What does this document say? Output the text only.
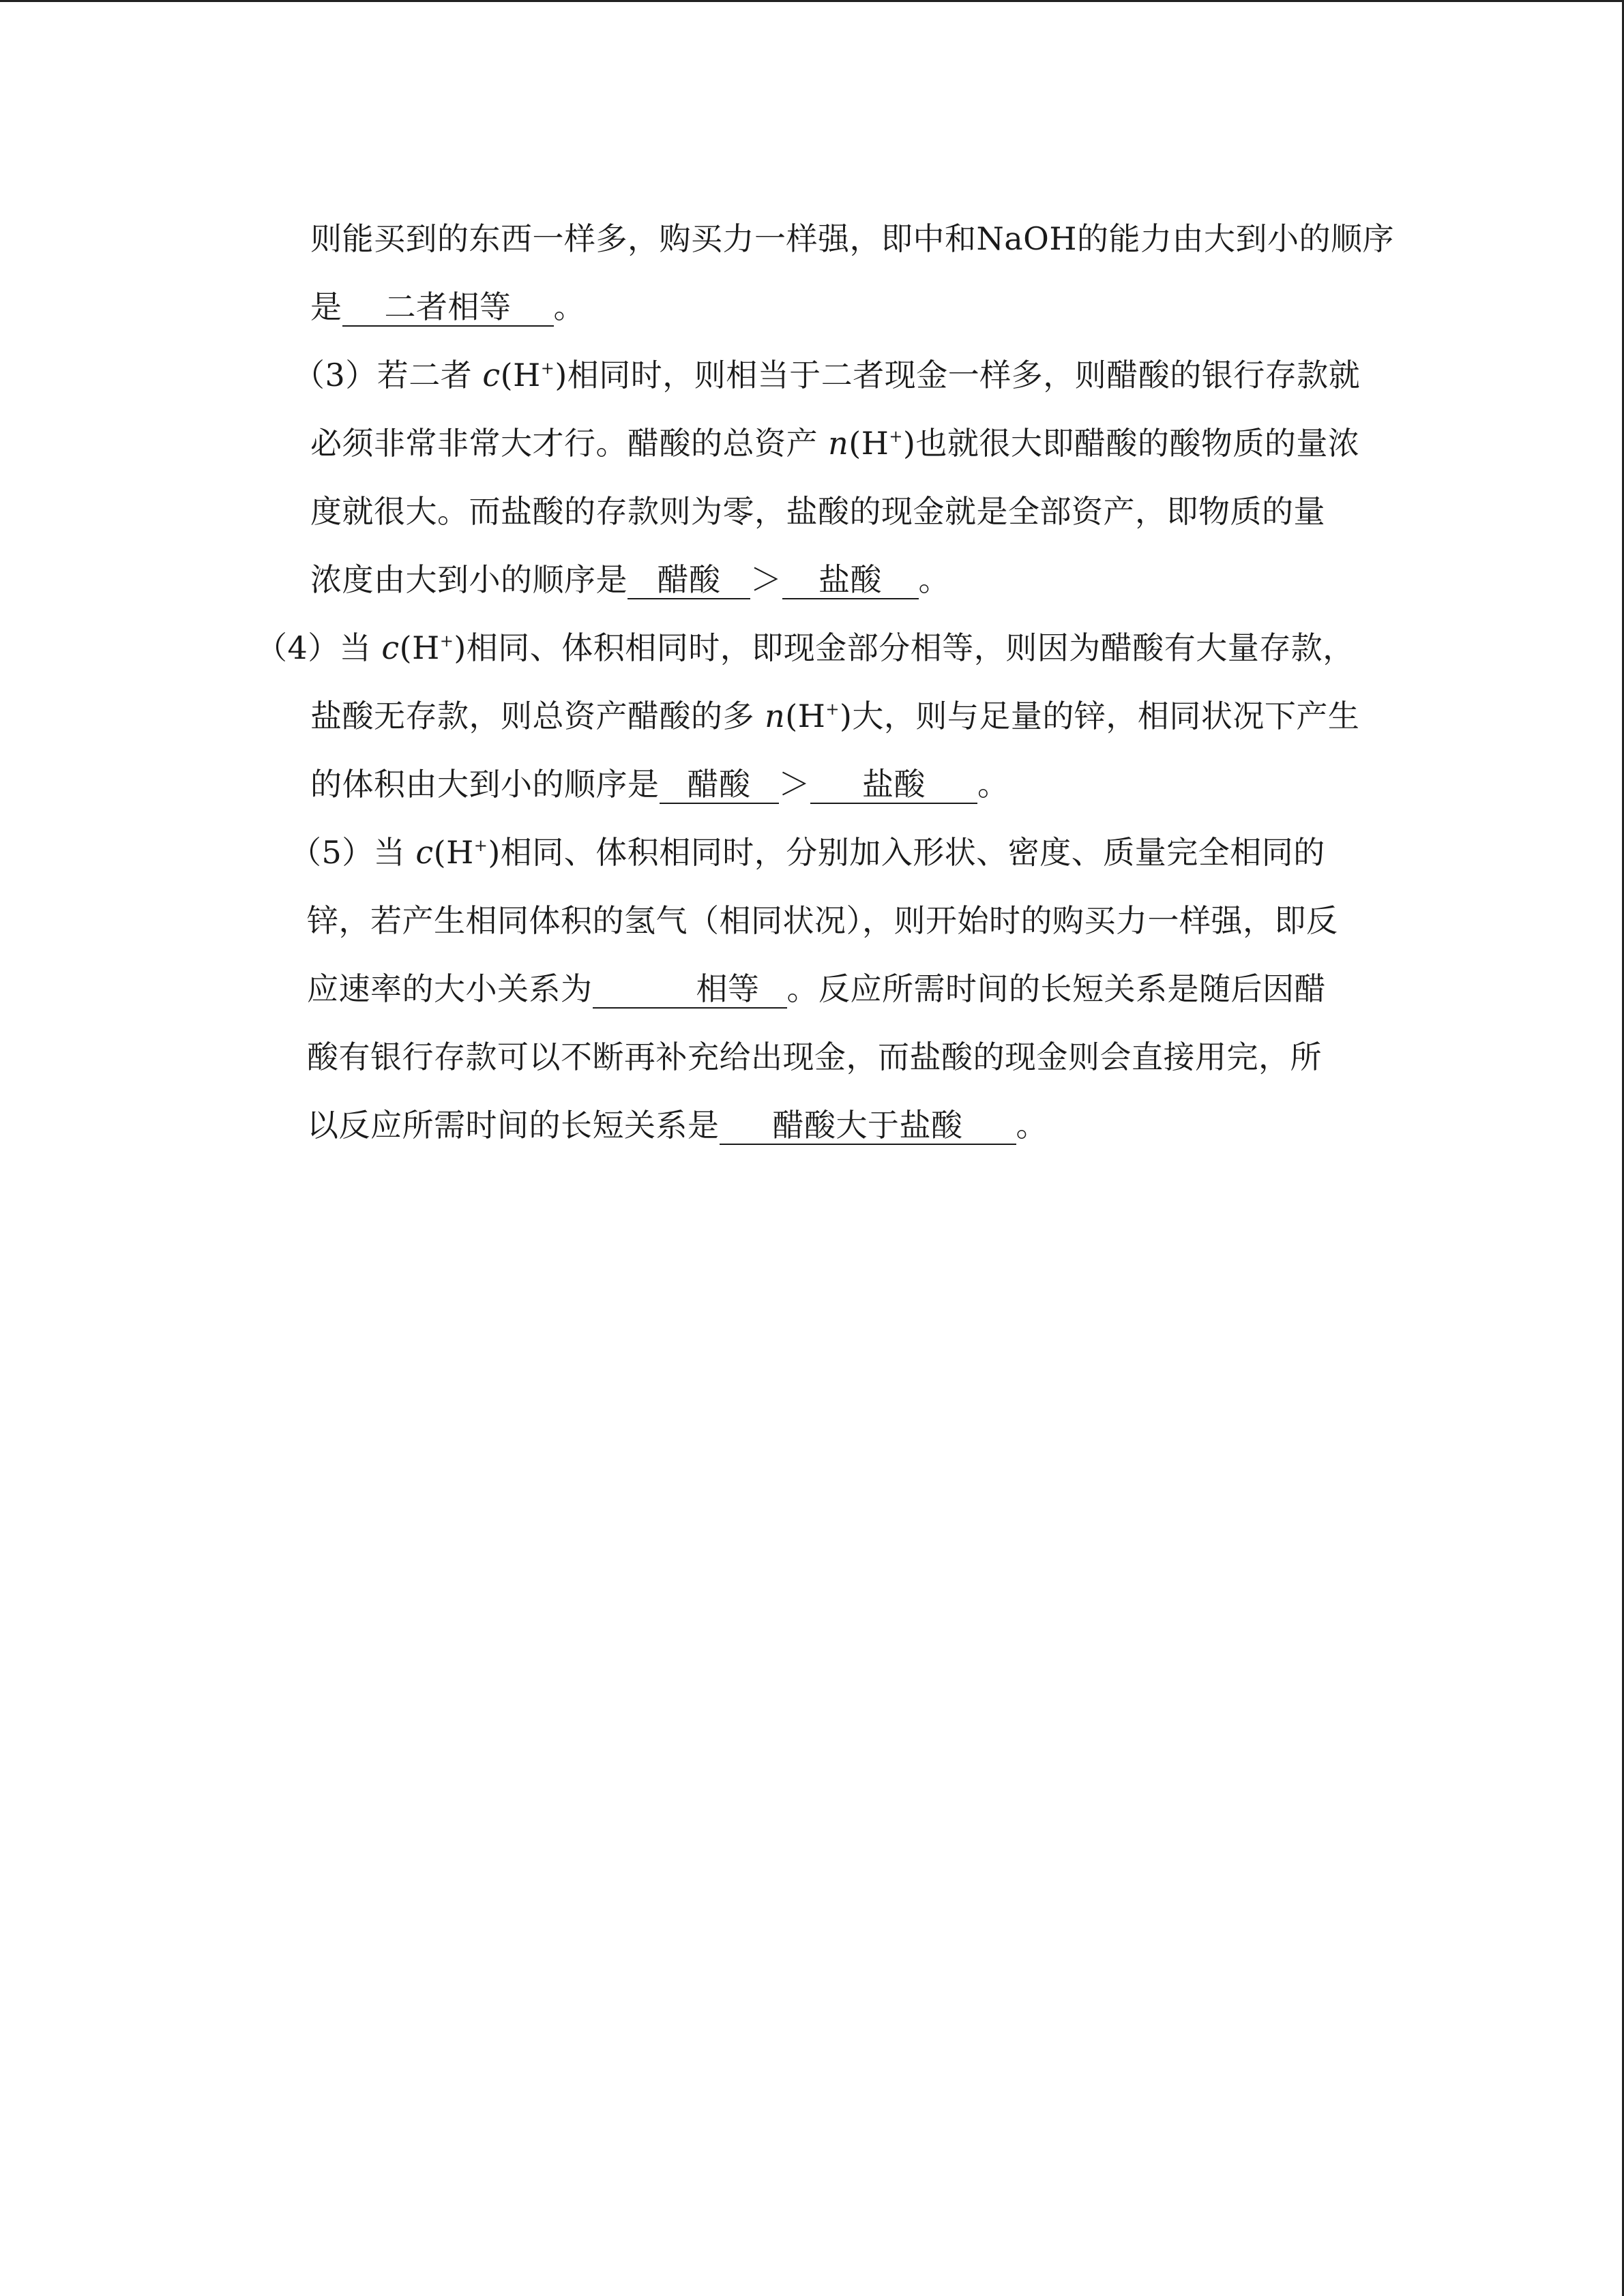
则能买到的东西一样多，购买力一样强，即中和NaOH的能力由大到小的顺序
是 二者相等 。
（3）若二者 c(H+)相同时，则相当于二者现金一样多，则醋酸的银行存款就
必须非常非常大才行。醋酸的总资产 n(H+)也就很大即醋酸的酸物质的量浓
度就很大。而盐酸的存款则为零，盐酸的现金就是全部资产，即物质的量
浓度由大到小的顺序是 醋酸 ＞ 盐酸 。
（4）当 c(H+)相同、体积相同时，即现金部分相等，则因为醋酸有大量存款，
盐酸无存款，则总资产醋酸的多 n(H+)大，则与足量的锌，相同状况下产生
的体积由大到小的顺序是 醋酸 ＞ 盐酸 。
（5）当 c(H+)相同、体积相同时，分别加入形状、密度、质量完全相同的
锌，若产生相同体积的氢气（相同状况），则开始时的购买力一样强，即反
应速率的大小关系为	相等 。反应所需时间的长短关系是随后因醋
酸有银行存款可以不断再补充给出现金，而盐酸的现金则会直接用完，所
以反应所需时间的长短关系是 醋酸大于盐酸 。
